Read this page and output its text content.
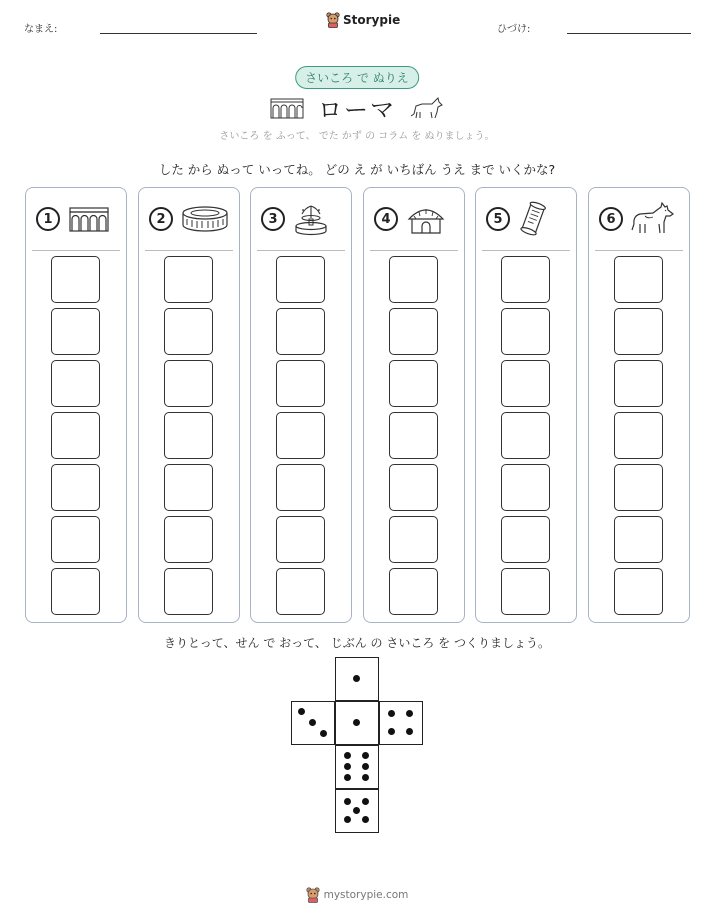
なまえ:
Storypie
ひづけ:
さいころ で ぬりえ
ローマ
さいころ を ふって、 でた かず の コラム を ぬりましょう。
した から ぬって いってね。 どの え が いちばん うえ まで いくかな?
1	2	3	4	5	6
きりとって、せん で おって、 じぶん の さいころ を つくりましょう。
mystorypie.com
